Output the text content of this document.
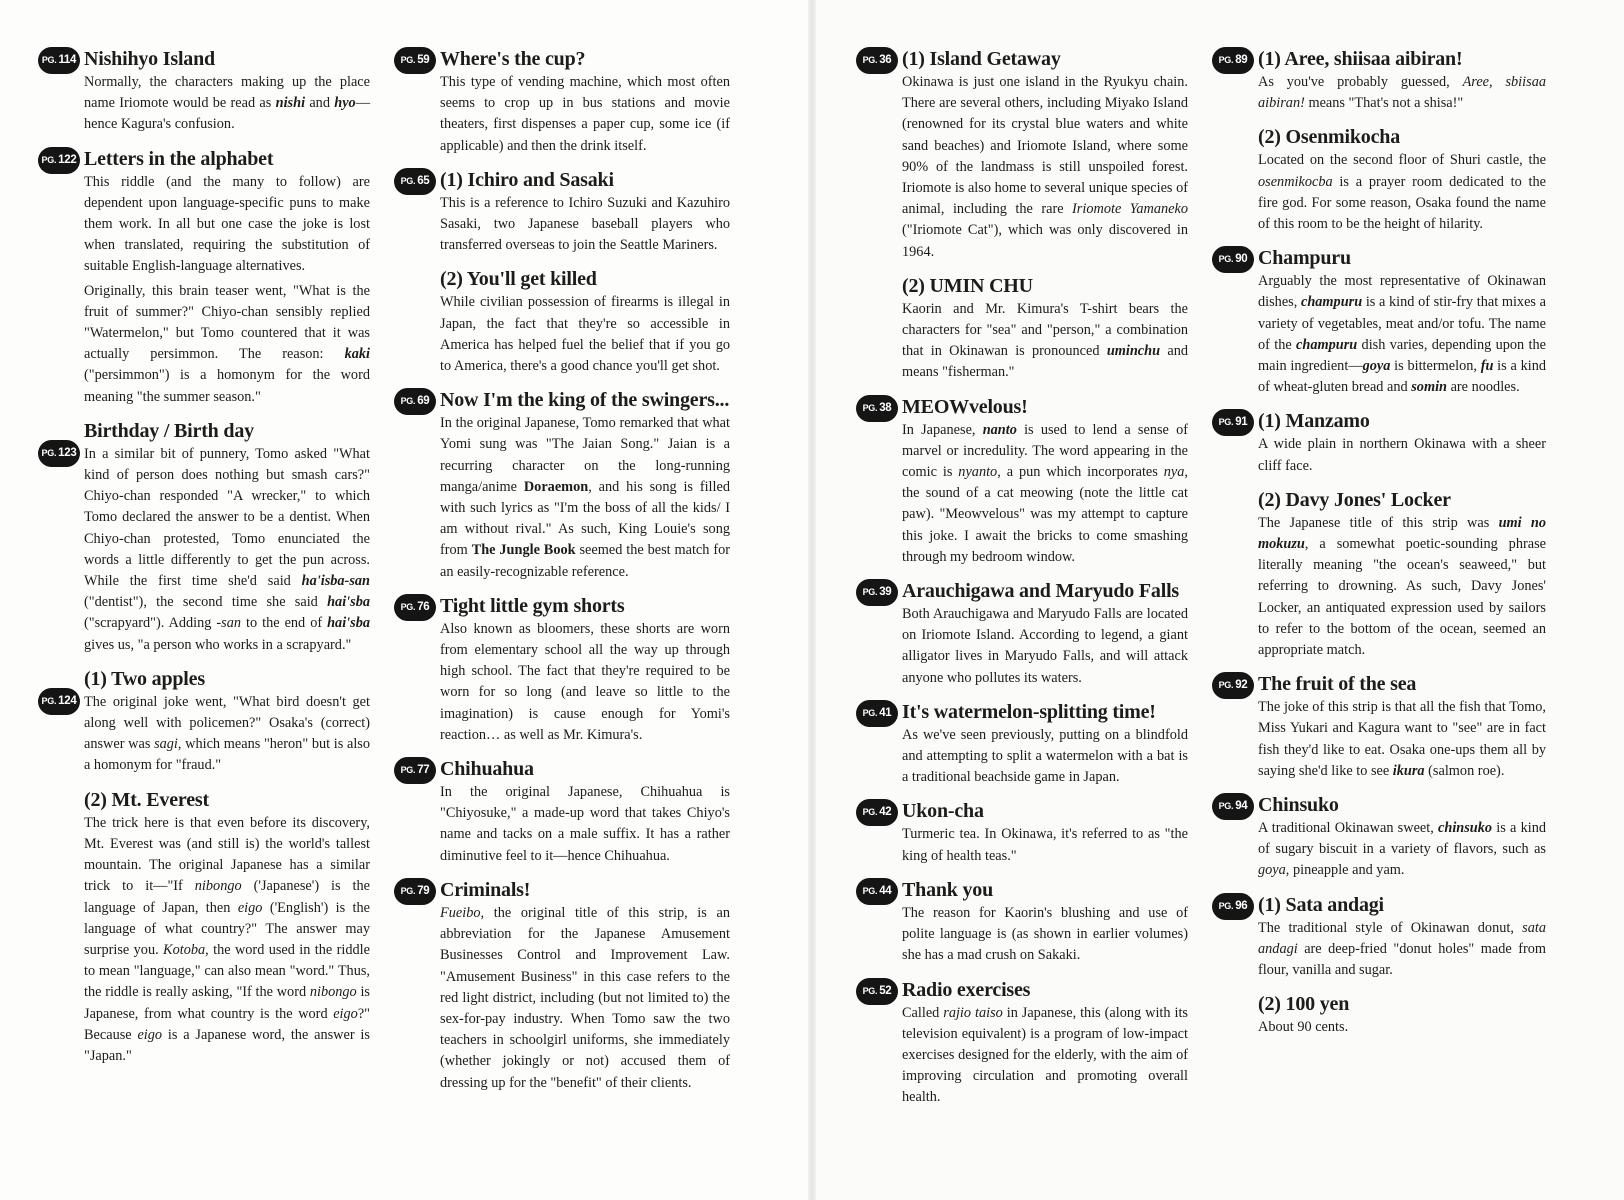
Nishihyo Island
PG. 114

Normally, the characters making up the place name Iriomote would be read as nishi and hyo—hence Kagura's confusion.

Letters in the alphabet
PG. 122

This riddle (and the many to follow) are dependent upon language-specific puns to make them work. In all but one case the joke is lost when translated, requiring the substitution of suitable English-language alternatives.

Originally, this brain teaser went, "What is the fruit of summer?" Chiyo-chan sensibly replied "Watermelon," but Tomo countered that it was actually persimmon. The reason: kaki ("persimmon") is a homonym for the word meaning "the summer season."

Birthday / Birth day
PG. 123 In a similar bit of punnery, Tomo asked "What kind of person does nothing but smash cars?" Chiyo-chan responded "A wrecker," to which Tomo declared the answer to be a dentist. When Chiyo-chan protested, Tomo enunciated the words a little differently to get the pun across. While the first time she'd said ha'isba-san ("dentist"), the second time she said hai'sba ("scrapyard"). Adding -san to the end of hai'sba gives us, "a person who works in a scrapyard."

(1) Two apples
PG. 124 The original joke went, "What bird doesn't get along well with policemen?" Osaka's (correct) answer was sagi, which means "heron" but is also a homonym for "fraud."

(2) Mt. Everest

The trick here is that even before its discovery, Mt. Everest was (and still is) the world's tallest mountain. The original Japanese has a similar trick to it—"If nibongo ('Japanese') is the language of Japan, then eigo ('English') is the language of what country?" The answer may surprise you. Kotoba, the word used in the riddle to mean "language," can also mean "word." Thus, the riddle is really asking, "If the word nibongo is Japanese, from what country is the word eigo?" Because eigo is a Japanese word, the answer is "Japan."

Where's the cup?
PG. 59

This type of vending machine, which most often seems to crop up in bus stations and movie theaters, first dispenses a paper cup, some ice (if applicable) and then the drink itself.

(1) Ichiro and Sasaki
PG. 65

This is a reference to Ichiro Suzuki and Kazuhiro Sasaki, two Japanese baseball players who transferred overseas to join the Seattle Mariners.

(2) You'll get killed

While civilian possession of firearms is illegal in Japan, the fact that they're so accessible in America has helped fuel the belief that if you go to America, there's a good chance you'll get shot.

Now I'm the king of the swingers...
PG. 69

In the original Japanese, Tomo remarked that what Yomi sung was "The Jaian Song." Jaian is a recurring character on the long-running manga/anime Doraemon, and his song is filled with such lyrics as "I'm the boss of all the kids/ I am without rival." As such, King Louie's song from The Jungle Book seemed the best match for an easily-recognizable reference.

Tight little gym shorts
PG. 76

Also known as bloomers, these shorts are worn from elementary school all the way up through high school. The fact that they're required to be worn for so long (and leave so little to the imagination) is cause enough for Yomi's reaction… as well as Mr. Kimura's.

Chihuahua
PG. 77

In the original Japanese, Chihuahua is "Chiyosuke," a made-up word that takes Chiyo's name and tacks on a male suffix. It has a rather diminutive feel to it—hence Chihuahua.

Criminals!
PG. 79

Fueibo, the original title of this strip, is an abbreviation for the Japanese Amusement Businesses Control and Improvement Law. "Amusement Business" in this case refers to the red light district, including (but not limited to) the sex-for-pay industry. When Tomo saw the two teachers in schoolgirl uniforms, she immediately (whether jokingly or not) accused them of dressing up for the "benefit" of their clients.

(1) Island Getaway
PG. 36

Okinawa is just one island in the Ryukyu chain. There are several others, including Miyako Island (renowned for its crystal blue waters and white sand beaches) and Iriomote Island, where some 90% of the landmass is still unspoiled forest. Iriomote is also home to several unique species of animal, including the rare Iriomote Yamaneko ("Iriomote Cat"), which was only discovered in 1964.

(2) UMIN CHU

Kaorin and Mr. Kimura's T-shirt bears the characters for "sea" and "person," a combination that in Okinawan is pronounced uminchu and means "fisherman."

MEOWvelous!
PG. 38

In Japanese, nanto is used to lend a sense of marvel or incredulity. The word appearing in the comic is nyanto, a pun which incorporates nya, the sound of a cat meowing (note the little cat paw). "Meowvelous" was my attempt to capture this joke. I await the bricks to come smashing through my bedroom window.

Arauchigawa and Maryudo Falls
PG. 39

Both Arauchigawa and Maryudo Falls are located on Iriomote Island. According to legend, a giant alligator lives in Maryudo Falls, and will attack anyone who pollutes its waters.

It's watermelon-splitting time!
PG. 41

As we've seen previously, putting on a blindfold and attempting to split a watermelon with a bat is a traditional beachside game in Japan.

Ukon-cha
PG. 42

Turmeric tea. In Okinawa, it's referred to as "the king of health teas."

Thank you
PG. 44

The reason for Kaorin's blushing and use of polite language is (as shown in earlier volumes) she has a mad crush on Sakaki.

Radio exercises
PG. 52

Called rajio taiso in Japanese, this (along with its television equivalent) is a program of low-impact exercises designed for the elderly, with the aim of improving circulation and promoting overall health.

(1) Aree, shiisaa aibiran!
PG. 89

As you've probably guessed, Aree, sbiisaa aibiran! means "That's not a shisa!"

(2) Osenmikocha

Located on the second floor of Shuri castle, the osenmikocba is a prayer room dedicated to the fire god. For some reason, Osaka found the name of this room to be the height of hilarity.

Champuru
PG. 90

Arguably the most representative of Okinawan dishes, champuru is a kind of stir-fry that mixes a variety of vegetables, meat and/or tofu. The name of the champuru dish varies, depending upon the main ingredient—goya is bittermelon, fu is a kind of wheat-gluten bread and somin are noodles.

(1) Manzamo
PG. 91

A wide plain in northern Okinawa with a sheer cliff face.

(2) Davy Jones' Locker

The Japanese title of this strip was umi no mokuzu, a somewhat poetic-sounding phrase literally meaning "the ocean's seaweed," but referring to drowning. As such, Davy Jones' Locker, an antiquated expression used by sailors to refer to the bottom of the ocean, seemed an appropriate match.

The fruit of the sea
PG. 92

The joke of this strip is that all the fish that Tomo, Miss Yukari and Kagura want to "see" are in fact fish they'd like to eat. Osaka one-ups them all by saying she'd like to see ikura (salmon roe).

Chinsuko
PG. 94

A traditional Okinawan sweet, chinsuko is a kind of sugary biscuit in a variety of flavors, such as goya, pineapple and yam.

(1) Sata andagi
PG. 96

The traditional style of Okinawan donut, sata andagi are deep-fried "donut holes" made from flour, vanilla and sugar.

(2) 100 yen

About 90 cents.
